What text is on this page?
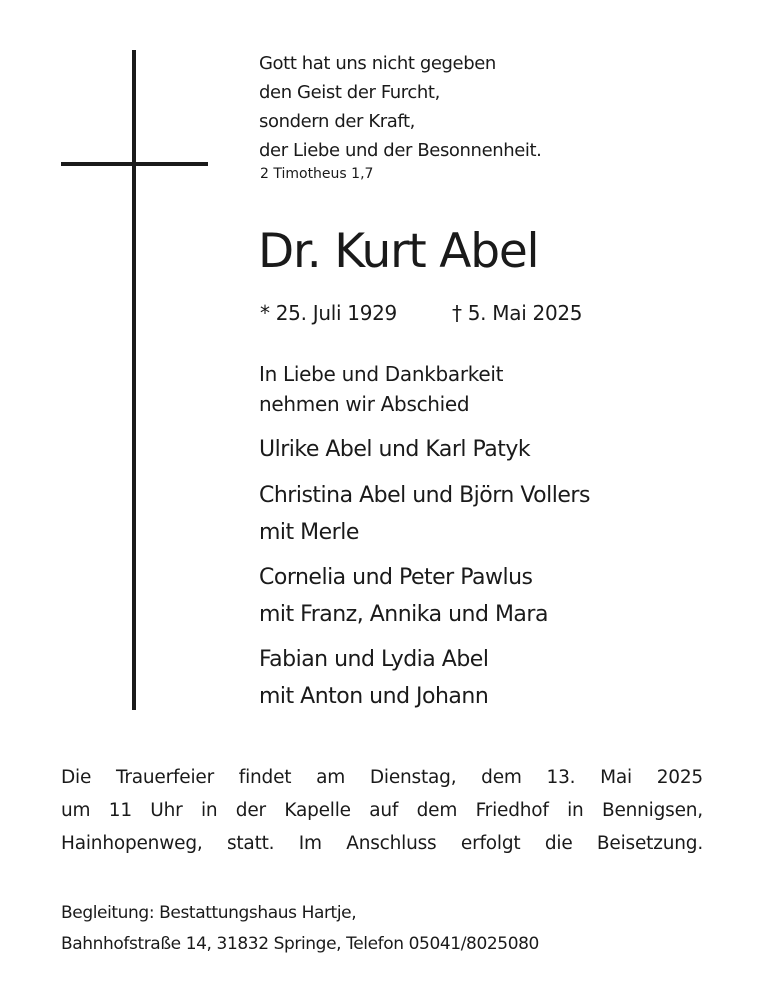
Gott hat uns nicht gegeben
den Geist der Furcht,
sondern der Kraft,
der Liebe und der Besonnenheit.
2 Timotheus 1,7
Dr. Kurt Abel
* 25. Juli 1929	† 5. Mai 2025
In Liebe und Dankbarkeit
nehmen wir Abschied
Ulrike Abel und Karl Patyk
Christina Abel und Björn Vollers
mit Merle
Cornelia und Peter Pawlus
mit Franz, Annika und Mara
Fabian und Lydia Abel
mit Anton und Johann
Die Trauerfeier findet am Dienstag, dem 13. Mai 2025
um 11 Uhr in der Kapelle auf dem Friedhof in Bennigsen,
Hainhopenweg, statt. Im Anschluss erfolgt die Beisetzung.
Begleitung: Bestattungshaus Hartje,
Bahnhofstraße 14, 31832 Springe, Telefon 05041/8025080
